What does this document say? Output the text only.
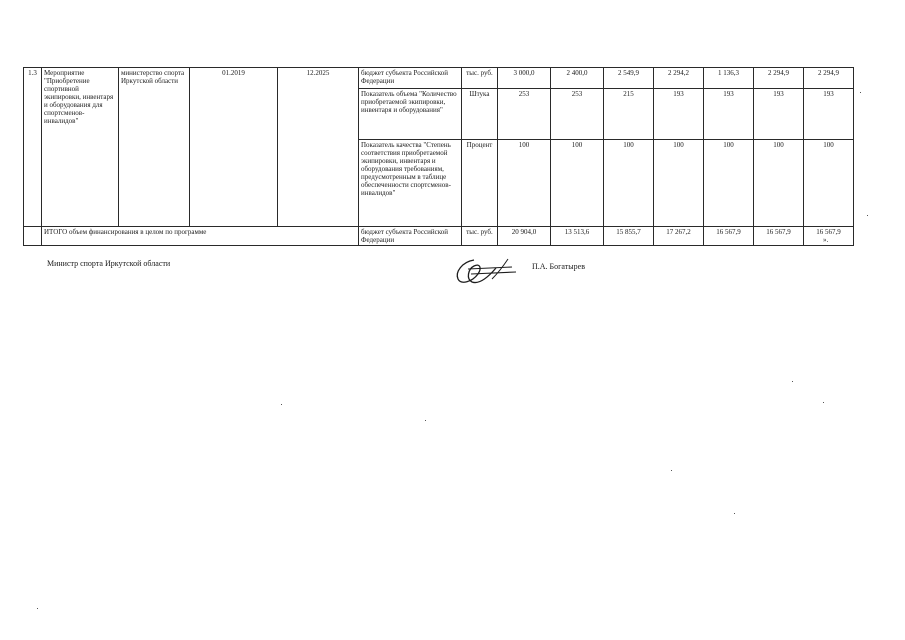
1.3	Мероприятие "Приобретение спортивной экипировки, инвентаря и оборудования для спортсменов-инвалидов"	министерство спорта Иркутской области	01.2019	12.2025	бюджет субъекта Российской Федерации	тыс. руб.	3 000,0	2 400,0	2 549,9	2 294,2	1 136,3	2 294,9	2 294,9
					Показатель объема "Количество приобретаемой экипировки, инвентаря и оборудования"	Штука	253	253	215	193	193	193	193
					Показатель качества "Степень соответствия приобретаемой экипировки, инвентаря и оборудования требованиям, предусмотренным в таблице обеспеченности спортсменов-инвалидов"	Процент	100	100	100	100	100	100	100
	ИТОГО объем финансирования в целом по программе				бюджет субъекта Российской Федерации	тыс. руб.	20 904,0	13 513,6	15 855,7	17 267,2	16 567,9	16 567,9	16 567,9
».
Министр спорта Иркутской области	П.А. Богатырев
